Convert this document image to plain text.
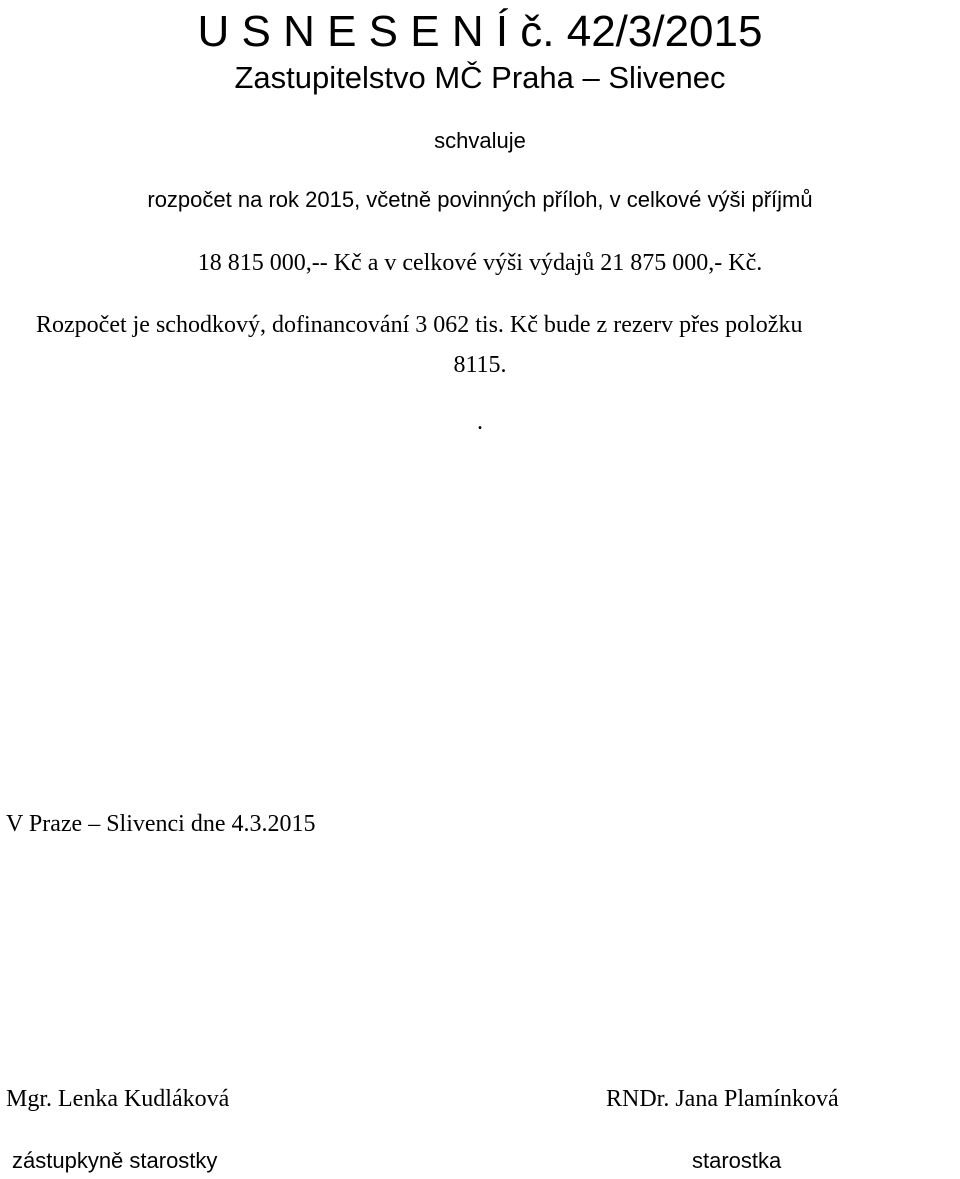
U S N E S E N Í č. 42/3/2015
Zastupitelstvo MČ Praha – Slivenec
schvaluje
rozpočet na rok 2015, včetně povinných příloh, v celkové výši příjmů
18 815 000,-- Kč a v celkové výši výdajů 21 875 000,- Kč.
Rozpočet je schodkový, dofinancování 3 062 tis. Kč bude z rezerv přes položku
8115.
.
V Praze – Slivenci dne 4.3.2015
Mgr. Lenka Kudláková
zástupkyně starostky
RNDr. Jana Plamínková
starostka
